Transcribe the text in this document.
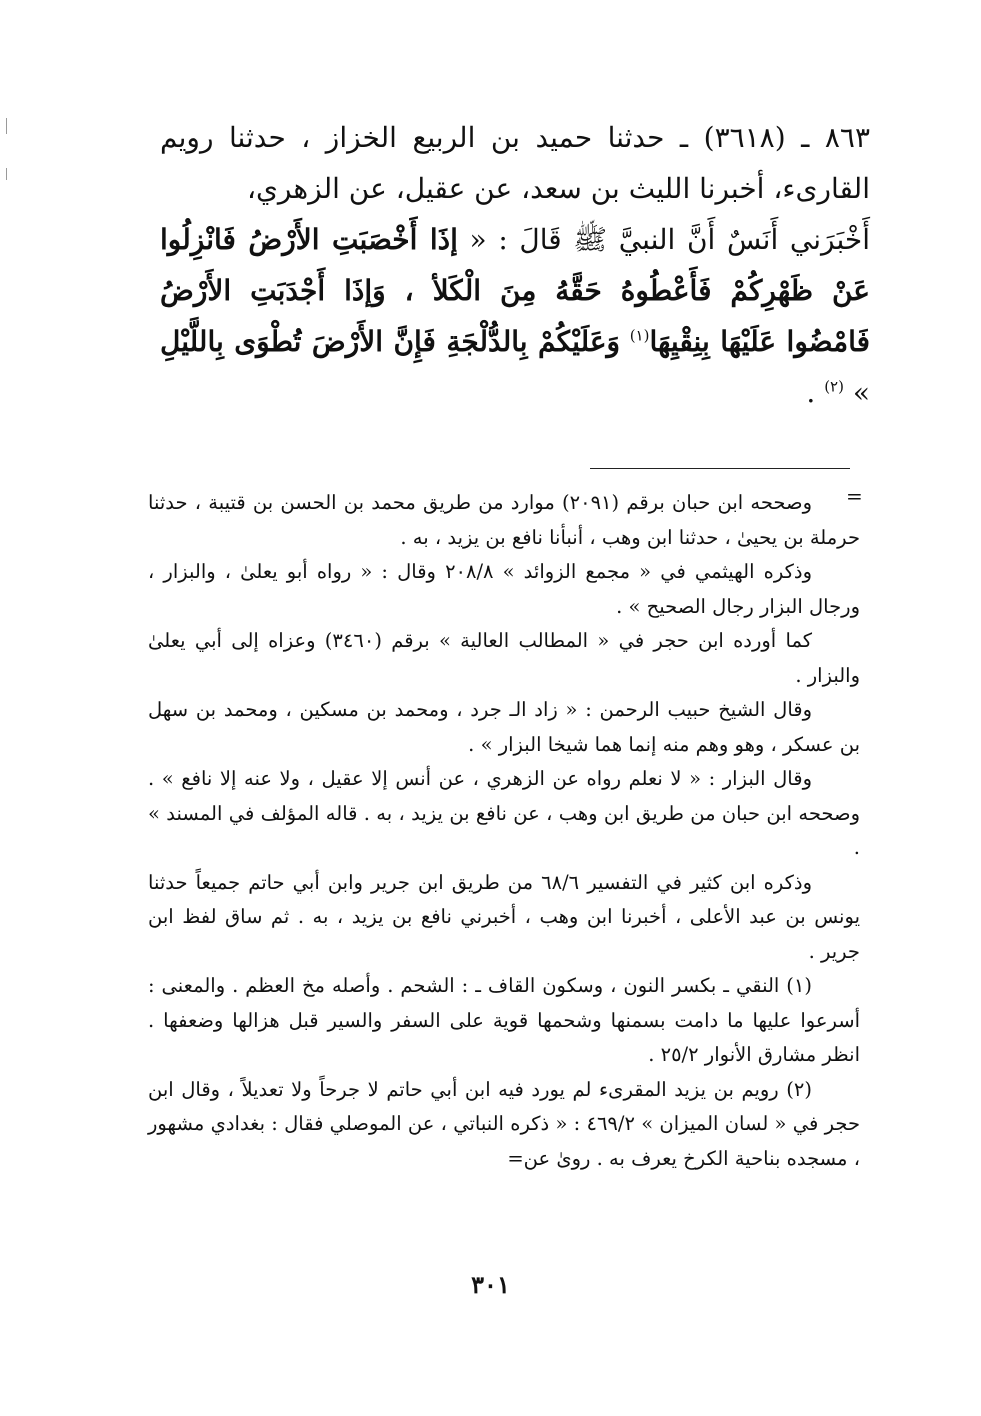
٨٦٣ ـ (٣٦١٨) ـ حدثنا حميد بن الربيع الخزاز ، حدثنا رويم القارىء، أخبرنا الليث بن سعد، عن عقيل، عن الزهري،

أَخْبَرَني أَنَسٌ أَنَّ النبيَّ ﷺ قَالَ : « إذَا أَخْصَبَتِ الأَرْضُ فَانْزِلُوا عَنْ ظَهْرِكُمْ فَأَعْطُوهُ حَقَّهُ مِنَ الْكَلأ ، وَإذَا أَجْدَبَتِ الأَرْضُ فَامْضُوا عَلَيْهَا بِنِقْيِهَا$^{(١)}$ وَعَلَيْكُمْ بِالدُّلْجَةِ فَإِنَّ الأَرْضَ تُطْوَى بِاللَّيْلِ » $^{(٢)}$ .

=

وصححه ابن حبان برقم (٢٠٩١) موارد من طريق محمد بن الحسن بن قتيبة ، حدثنا حرملة بن يحيىٰ ، حدثنا ابن وهب ، أنبأنا نافع بن يزيد ، به .

وذكره الهيثمي في « مجمع الزوائد » ٢٠٨/٨ وقال : « رواه أبو يعلىٰ ، والبزار ، ورجال البزار رجال الصحيح » .

كما أورده ابن حجر في « المطالب العالية » برقم (٣٤٦٠) وعزاه إلى أبي يعلىٰ والبزار .

وقال الشيخ حبيب الرحمن : « زاد الـ جرد ، ومحمد بن مسكين ، ومحمد بن سهل بن عسكر ، وهو وهم منه إنما هما شيخا البزار » .

وقال البزار : « لا نعلم رواه عن الزهري ، عن أنس إلا عقيل ، ولا عنه إلا نافع » . وصححه ابن حبان من طريق ابن وهب ، عن نافع بن يزيد ، به . قاله المؤلف في المسند » .

وذكره ابن كثير في التفسير ٦٨/٦ من طريق ابن جرير وابن أبي حاتم جميعاً حدثنا يونس بن عبد الأعلى ، أخبرنا ابن وهب ، أخبرني نافع بن يزيد ، به . ثم ساق لفظ ابن جرير .

(١) النقي ـ بكسر النون ، وسكون القاف ـ : الشحم . وأصله مخ العظم . والمعنى : أسرعوا عليها ما دامت بسمنها وشحمها قوية على السفر والسير قبل هزالها وضعفها . انظر مشارق الأنوار ٢٥/٢ .

(٢) رويم بن يزيد المقرىء لم يورد فيه ابن أبي حاتم لا جرحاً ولا تعديلاً ، وقال ابن حجر في « لسان الميزان » ٤٦٩/٢ : « ذكره النباتي ، عن الموصلي فقال : بغدادي مشهور ، مسجده بناحية الكرخ يعرف به . روىٰ عن=

٣٠١
